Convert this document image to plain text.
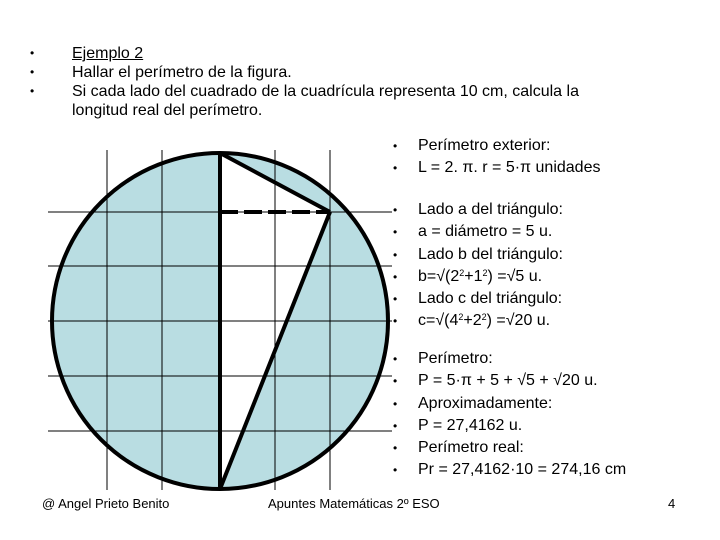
• Ejemplo 2
• Hallar el perímetro de la figura.
• Si cada lado del cuadrado de la cuadrícula representa 10 cm, calcula la
longitud real del perímetro.
• Perímetro exterior:
• L = 2. π. r = 5·π unidades
• Lado a del triángulo:
• a = diámetro = 5 u.
• Lado b del triángulo:
• $b=√(2^2+1^2) =√5$ u.
• Lado c del triángulo:
• $c=√(4^2+2^2) =√20$ u.
• Perímetro:
• P = 5·π + 5 + √5 + √20 u.
• Aproximadamente:
• P = 27,4162 u.
• Perímetro real:
• Pr = 27,4162·10 = 274,16 cm
@ Angel Prieto Benito	Apuntes Matemáticas 2º ESO	4
